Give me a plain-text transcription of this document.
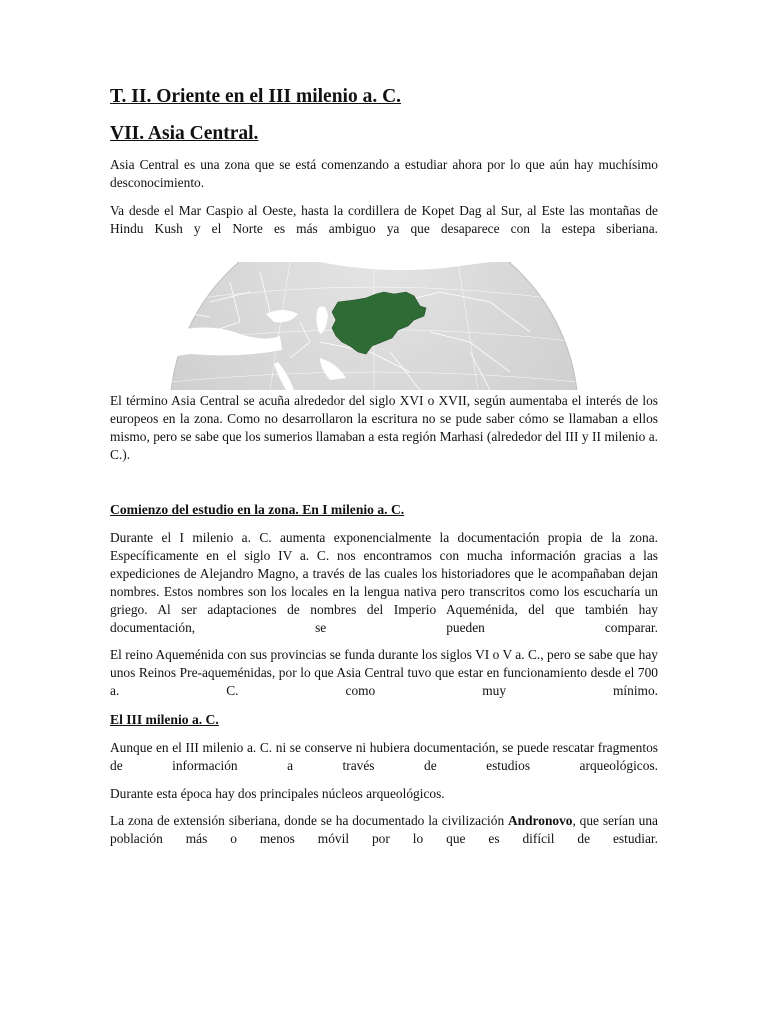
T. II. Oriente en el III milenio a. C.
VII. Asia Central.

Asia Central es una zona que se está comenzando a estudiar ahora por lo que aún hay muchísimo desconocimiento.

Va desde el Mar Caspio al Oeste, hasta la cordillera de Kopet Dag al Sur, al Este las montañas de Hindu Kush y el Norte es más ambiguo ya que desaparece con la estepa siberiana.

El término Asia Central se acuña alrededor del siglo XVI o XVII, según aumentaba el interés de los europeos en la zona. Como no desarrollaron la escritura no se pude saber cómo se llamaban a ellos mismo, pero se sabe que los sumerios llamaban a esta región Marhasi (alrededor del III y II milenio a. C.).

Comienzo del estudio en la zona. En I milenio a. C.

Durante el I milenio a. C. aumenta exponencialmente la documentación propia de la zona. Específicamente en el siglo IV a. C. nos encontramos con mucha información gracias a las expediciones de Alejandro Magno, a través de las cuales los historiadores que le acompañaban dejan nombres. Estos nombres son los locales en la lengua nativa pero transcritos como los escucharía un griego. Al ser adaptaciones de nombres del Imperio Aqueménida, del que también hay documentación, se pueden comparar.

El reino Aqueménida con sus provincias se funda durante los siglos VI o V a. C., pero se sabe que hay unos Reinos Pre-aqueménidas, por lo que Asia Central tuvo que estar en funcionamiento desde el 700 a. C. como muy mínimo.

El III milenio a. C.

Aunque en el III milenio a. C. ni se conserve ni hubiera documentación, se puede rescatar fragmentos de información a través de estudios arqueológicos.

Durante esta época hay dos principales núcleos arqueológicos.

La zona de extensión siberiana, donde se ha documentado la civilización Andronovo, que serían una población más o menos móvil por lo que es difícil de estudiar.
